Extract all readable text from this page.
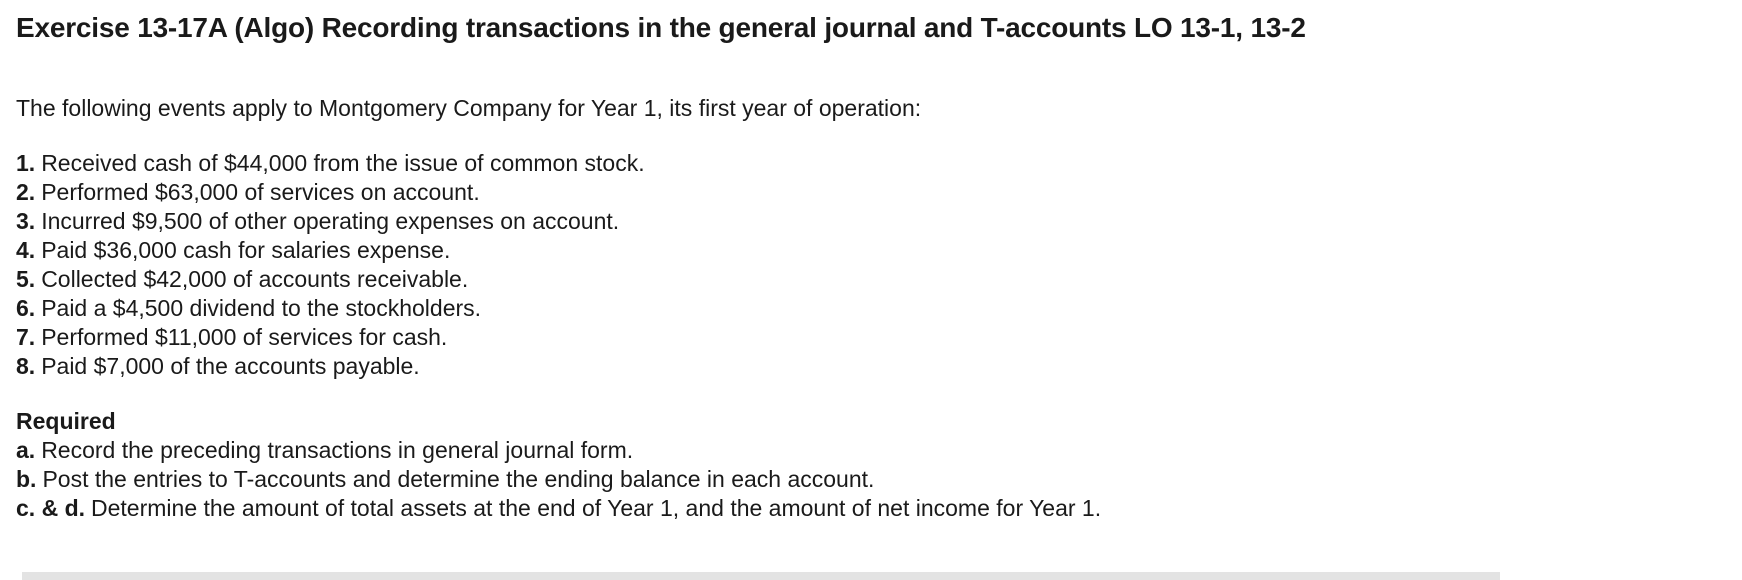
Exercise 13-17A (Algo) Recording transactions in the general journal and T-accounts LO 13-1, 13-2

The following events apply to Montgomery Company for Year 1, its first year of operation:

1. Received cash of $44,000 from the issue of common stock.
2. Performed $63,000 of services on account.
3. Incurred $9,500 of other operating expenses on account.
4. Paid $36,000 cash for salaries expense.
5. Collected $42,000 of accounts receivable.
6. Paid a $4,500 dividend to the stockholders.
7. Performed $11,000 of services for cash.
8. Paid $7,000 of the accounts payable.
Required
a. Record the preceding transactions in general journal form.
b. Post the entries to T-accounts and determine the ending balance in each account.
c. & d. Determine the amount of total assets at the end of Year 1, and the amount of net income for Year 1.
